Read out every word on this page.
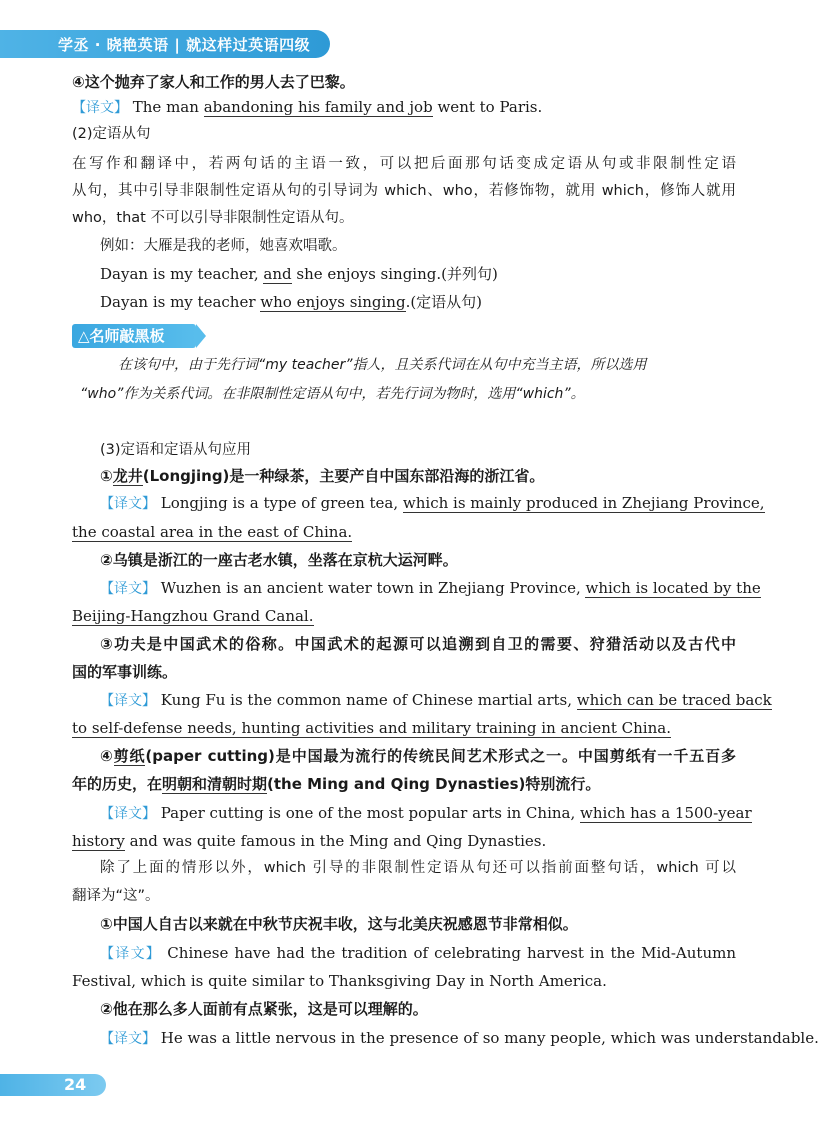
学丞 · 晓艳英语 | 就这样过英语四级
△名师敲黑板
④这个抛弃了家人和工作的男人去了巴黎。
【译文】 The man abandoning his family and job went to Paris.
(2)定语从句
在写作和翻译中，若两句话的主语一致，可以把后面那句话变成定语从句或非限制性定语
从句，其中引导非限制性定语从句的引导词为 which、who，若修饰物，就用 which，修饰人就用
who，that 不可以引导非限制性定语从句。
例如：大雁是我的老师，她喜欢唱歌。
Dayan is my teacher, and she enjoys singing.(并列句)
Dayan is my teacher who enjoys singing.(定语从句)
在该句中，由于先行词“my teacher”指人，且关系代词在从句中充当主语，所以选用
“who”作为关系代词。在非限制性定语从句中，若先行词为物时，选用“which”。
(3)定语和定语从句应用
①龙井(Longjing)是一种绿茶，主要产自中国东部沿海的浙江省。
【译文】 Longjing is a type of green tea, which is mainly produced in Zhejiang Province,
the coastal area in the east of China.
②乌镇是浙江的一座古老水镇，坐落在京杭大运河畔。
【译文】 Wuzhen is an ancient water town in Zhejiang Province, which is located by the
Beijing-Hangzhou Grand Canal.
③功夫是中国武术的俗称。中国武术的起源可以追溯到自卫的需要、狩猎活动以及古代中
国的军事训练。
【译文】 Kung Fu is the common name of Chinese martial arts, which can be traced back
to self-defense needs, hunting activities and military training in ancient China.
④剪纸(paper cutting)是中国最为流行的传统民间艺术形式之一。中国剪纸有一千五百多
年的历史，在明朝和清朝时期(the Ming and Qing Dynasties)特别流行。
【译文】 Paper cutting is one of the most popular arts in China, which has a 1500-year
history and was quite famous in the Ming and Qing Dynasties.
除了上面的情形以外，which 引导的非限制性定语从句还可以指前面整句话，which 可以
翻译为“这”。
①中国人自古以来就在中秋节庆祝丰收，这与北美庆祝感恩节非常相似。
【译文】 Chinese have had the tradition of celebrating harvest in the Mid-Autumn
Festival, which is quite similar to Thanksgiving Day in North America.
②他在那么多人面前有点紧张，这是可以理解的。
【译文】 He was a little nervous in the presence of so many people, which was understandable.
24
